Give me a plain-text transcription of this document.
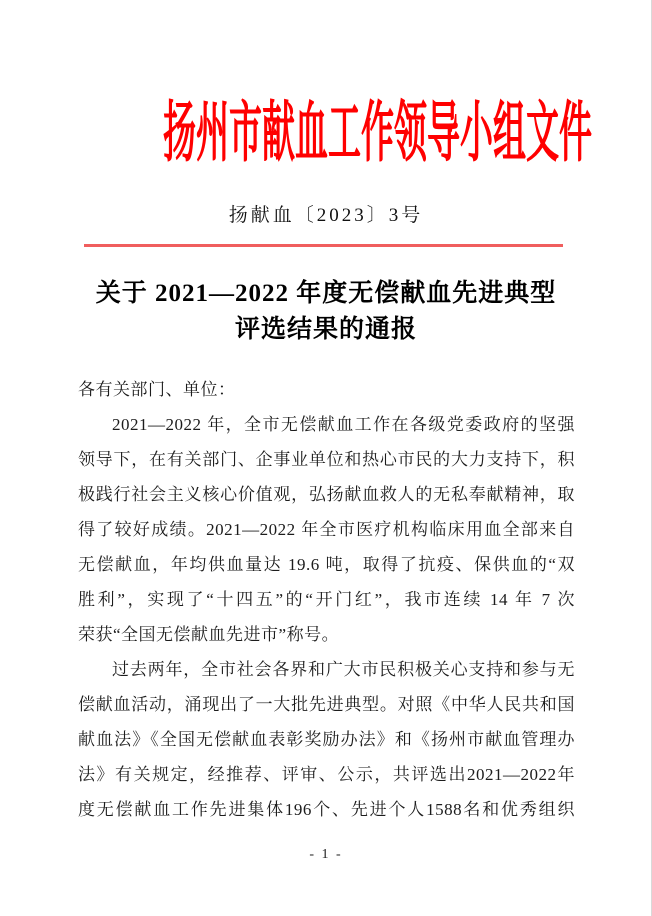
扬州市献血工作领导小组文件
扬献血〔2023〕3号
关于 2021—2022 年度无偿献血先进典型
评选结果的通报
各有关部门、单位：
2021—2022 年，全市无偿献血工作在各级党委政府的坚强
领导下，在有关部门、企事业单位和热心市民的大力支持下，积
极践行社会主义核心价值观，弘扬献血救人的无私奉献精神，取
得了较好成绩。2021—2022 年全市医疗机构临床用血全部来自
无偿献血，年均供血量达 19.6 吨，取得了抗疫、保供血的“双
胜利”，实现了“十四五”的“开门红”，我市连续 14 年 7 次
荣获“全国无偿献血先进市”称号。
过去两年，全市社会各界和广大市民积极关心支持和参与无
偿献血活动，涌现出了一大批先进典型。对照《中华人民共和国
献血法》《全国无偿献血表彰奖励办法》和《扬州市献血管理办
法》有关规定，经推荐、评审、公示，共评选出2021—2022年
度无偿献血工作先进集体196个、先进个人1588名和优秀组织
- 1 -
